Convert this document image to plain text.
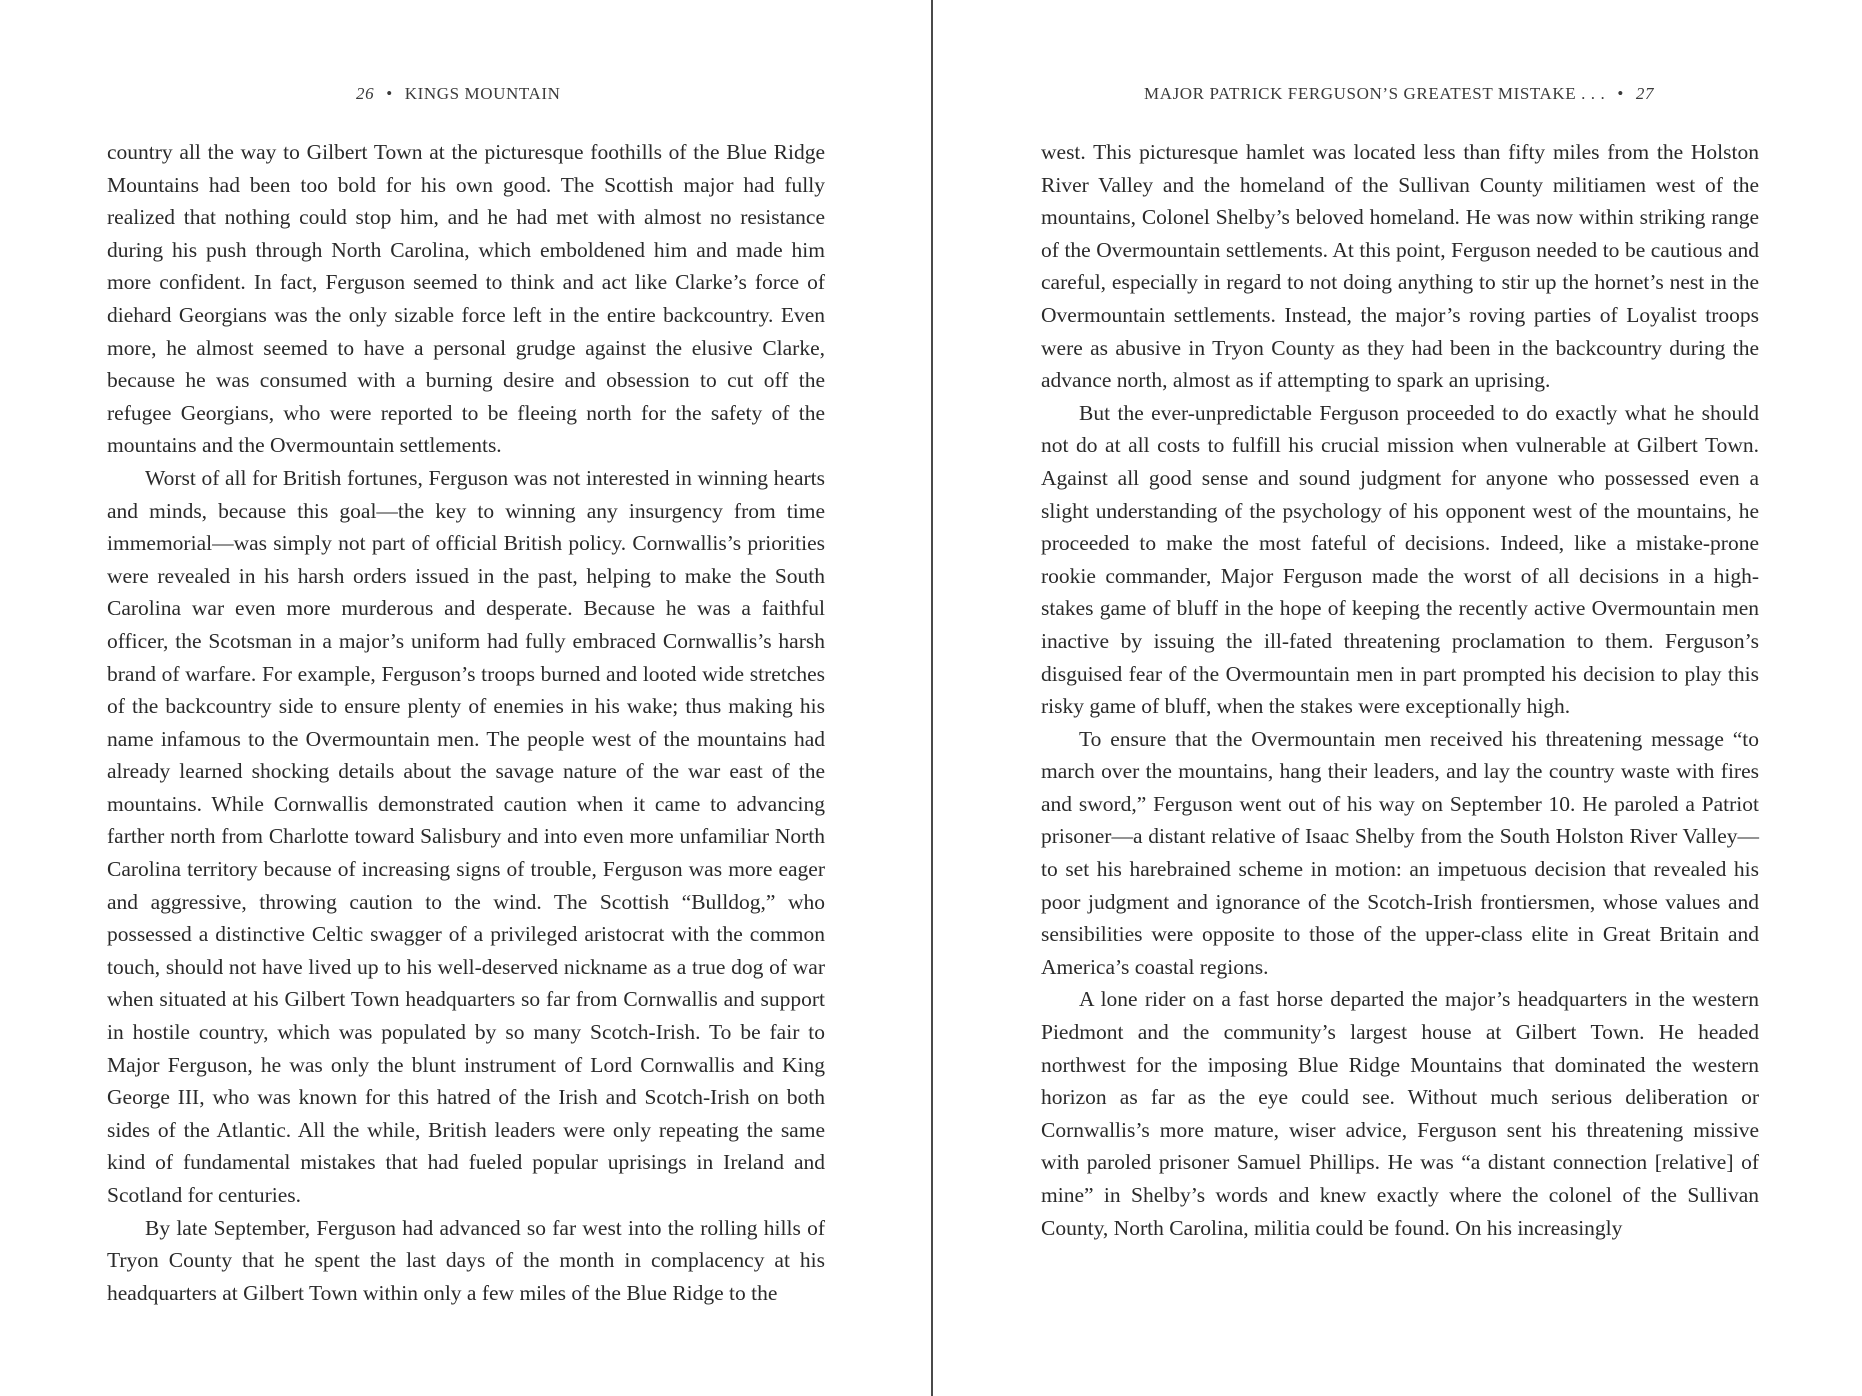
26 • KINGS MOUNTAIN

country all the way to Gilbert Town at the picturesque foothills of the Blue Ridge Mountains had been too bold for his own good. The Scottish major had fully realized that nothing could stop him, and he had met with almost no resistance during his push through North Carolina, which emboldened him and made him more confident. In fact, Ferguson seemed to think and act like Clarke’s force of diehard Georgians was the only sizable force left in the entire backcountry. Even more, he almost seemed to have a personal grudge against the elusive Clarke, because he was consumed with a burning desire and obsession to cut off the refugee Georgians, who were reported to be fleeing north for the safety of the mountains and the Overmountain settlements.

Worst of all for British fortunes, Ferguson was not interested in winning hearts and minds, because this goal—the key to winning any insurgency from time immemorial—was simply not part of official British policy. Cornwallis’s priorities were revealed in his harsh orders issued in the past, helping to make the South Carolina war even more murderous and desperate. Because he was a faithful officer, the Scotsman in a major’s uniform had fully embraced Cornwallis’s harsh brand of warfare. For example, Ferguson’s troops burned and looted wide stretches of the backcountry side to ensure plenty of enemies in his wake; thus making his name infamous to the Overmountain men. The people west of the mountains had already learned shocking details about the savage nature of the war east of the mountains. While Cornwallis demonstrated caution when it came to advancing farther north from Charlotte toward Salisbury and into even more unfamiliar North Carolina territory because of increasing signs of trouble, Ferguson was more eager and aggressive, throwing caution to the wind. The Scottish “Bulldog,” who possessed a distinctive Celtic swagger of a privileged aristocrat with the common touch, should not have lived up to his well-deserved nickname as a true dog of war when situated at his Gilbert Town headquarters so far from Cornwallis and support in hostile country, which was populated by so many Scotch-Irish. To be fair to Major Ferguson, he was only the blunt instrument of Lord Cornwallis and King George III, who was known for this hatred of the Irish and Scotch-Irish on both sides of the Atlantic. All the while, British leaders were only repeating the same kind of fundamental mistakes that had fueled popular uprisings in Ireland and Scotland for centuries.

By late September, Ferguson had advanced so far west into the rolling hills of Tryon County that he spent the last days of the month in complacency at his headquarters at Gilbert Town within only a few miles of the Blue Ridge to the

MAJOR PATRICK FERGUSON’S GREATEST MISTAKE . . . • 27

west. This picturesque hamlet was located less than fifty miles from the Holston River Valley and the homeland of the Sullivan County militiamen west of the mountains, Colonel Shelby’s beloved homeland. He was now within striking range of the Overmountain settlements. At this point, Ferguson needed to be cautious and careful, especially in regard to not doing anything to stir up the hornet’s nest in the Overmountain settlements. Instead, the major’s roving parties of Loyalist troops were as abusive in Tryon County as they had been in the backcountry during the advance north, almost as if attempting to spark an uprising.

But the ever-unpredictable Ferguson proceeded to do exactly what he should not do at all costs to fulfill his crucial mission when vulnerable at Gilbert Town. Against all good sense and sound judgment for anyone who possessed even a slight understanding of the psychology of his opponent west of the mountains, he proceeded to make the most fateful of decisions. Indeed, like a mistake-prone rookie commander, Major Ferguson made the worst of all decisions in a high-stakes game of bluff in the hope of keeping the recently active Overmountain men inactive by issuing the ill-fated threatening proclamation to them. Ferguson’s disguised fear of the Overmountain men in part prompted his decision to play this risky game of bluff, when the stakes were exceptionally high.

To ensure that the Overmountain men received his threatening message “to march over the mountains, hang their leaders, and lay the country waste with fires and sword,” Ferguson went out of his way on September 10. He paroled a Patriot prisoner—a distant relative of Isaac Shelby from the South Holston River Valley—to set his harebrained scheme in motion: an impetuous decision that revealed his poor judgment and ignorance of the Scotch-Irish frontiersmen, whose values and sensibilities were opposite to those of the upper-class elite in Great Britain and America’s coastal regions.

A lone rider on a fast horse departed the major’s headquarters in the western Piedmont and the community’s largest house at Gilbert Town. He headed northwest for the imposing Blue Ridge Mountains that dominated the western horizon as far as the eye could see. Without much serious deliberation or Cornwallis’s more mature, wiser advice, Ferguson sent his threatening missive with paroled prisoner Samuel Phillips. He was “a distant connection [relative] of mine” in Shelby’s words and knew exactly where the colonel of the Sullivan County, North Carolina, militia could be found. On his increasingly
